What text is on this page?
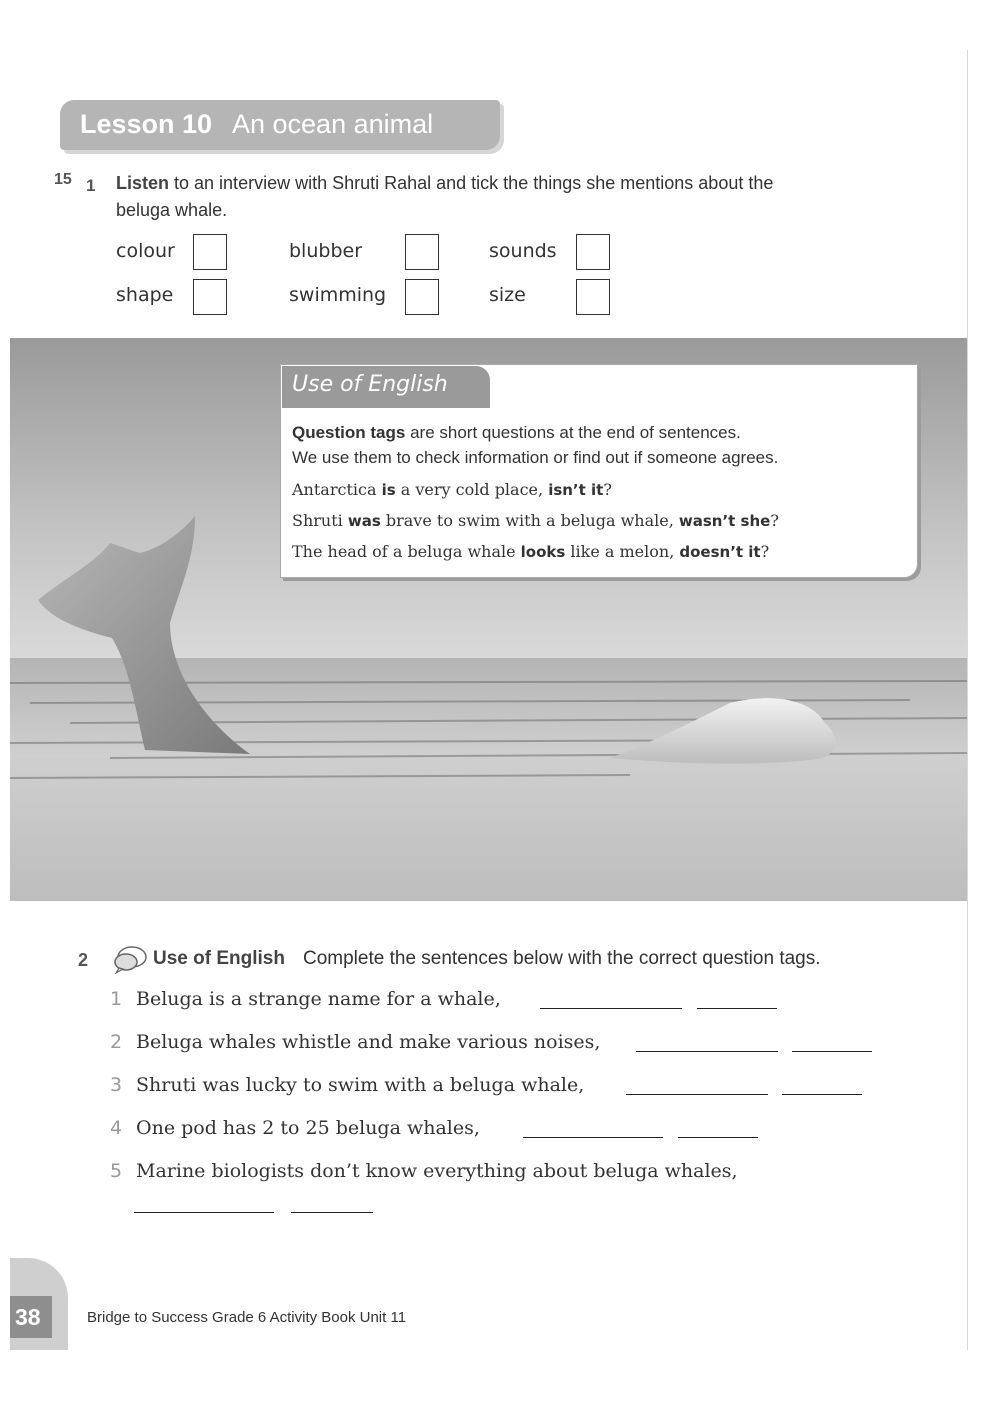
Lesson 10 An ocean animal
15 1 Listen to an interview with Shruti Rahal and tick the things she mentions about the
beluga whale.
colour	blubber	sounds
shape	swimming	size
Use of English
Question tags are short questions at the end of sentences.
We use them to check information or find out if someone agrees.
Antarctica is a very cold place, isn’t it?
Shruti was brave to swim with a beluga whale, wasn’t she?
The head of a beluga whale looks like a melon, doesn’t it?
2	Use of English Complete the sentences below with the correct question tags.
1 Beluga is a strange name for a whale,
2 Beluga whales whistle and make various noises,
3 Shruti was lucky to swim with a beluga whale,
4 One pod has 2 to 25 beluga whales,
5 Marine biologists don’t know everything about beluga whales,
38	Bridge to Success Grade 6 Activity Book Unit 11
